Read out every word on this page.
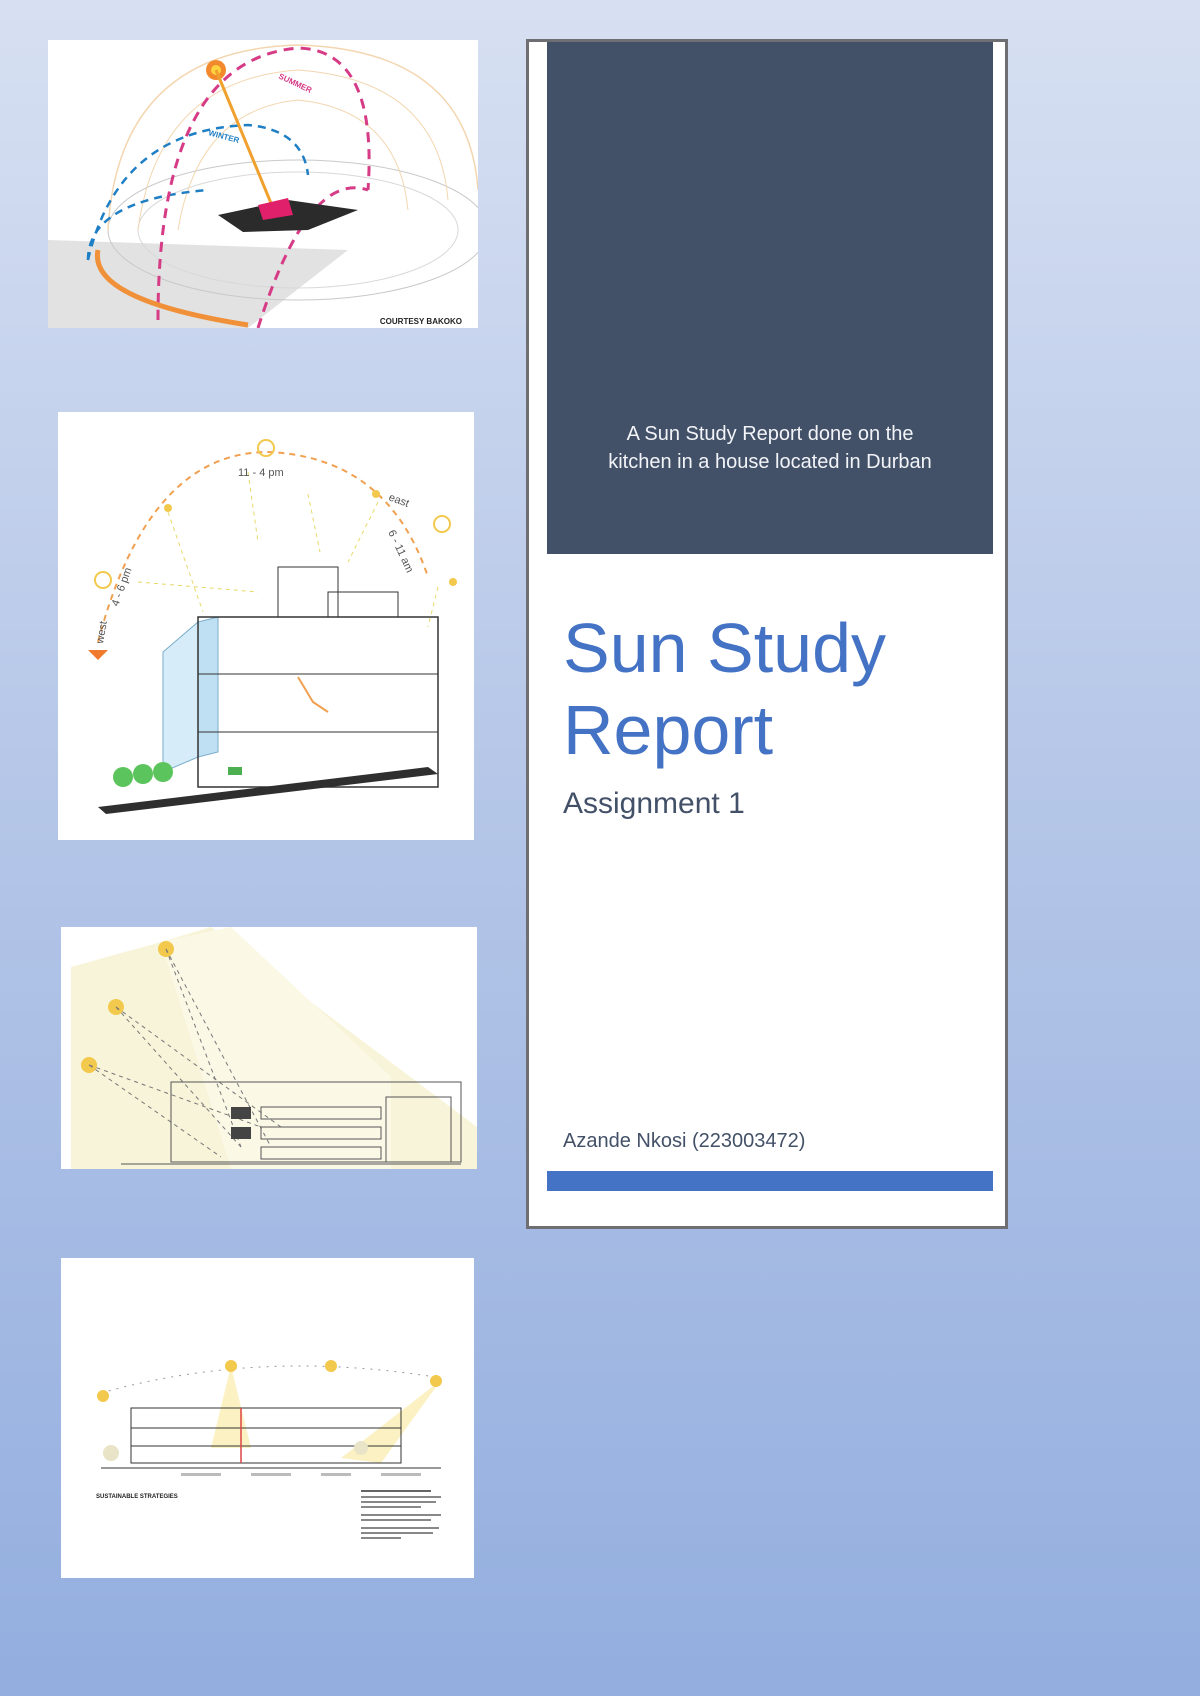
SUMMER
WINTER
COURTESY BAKOKO
11 - 4 pm
6 - 11 am
4 - 6 pm
east
west
SUSTAINABLE STRATEGIES
A Sun Study Report done on the
kitchen in a house located in Durban
Sun Study
Report
Assignment 1
Azande Nkosi (223003472)
